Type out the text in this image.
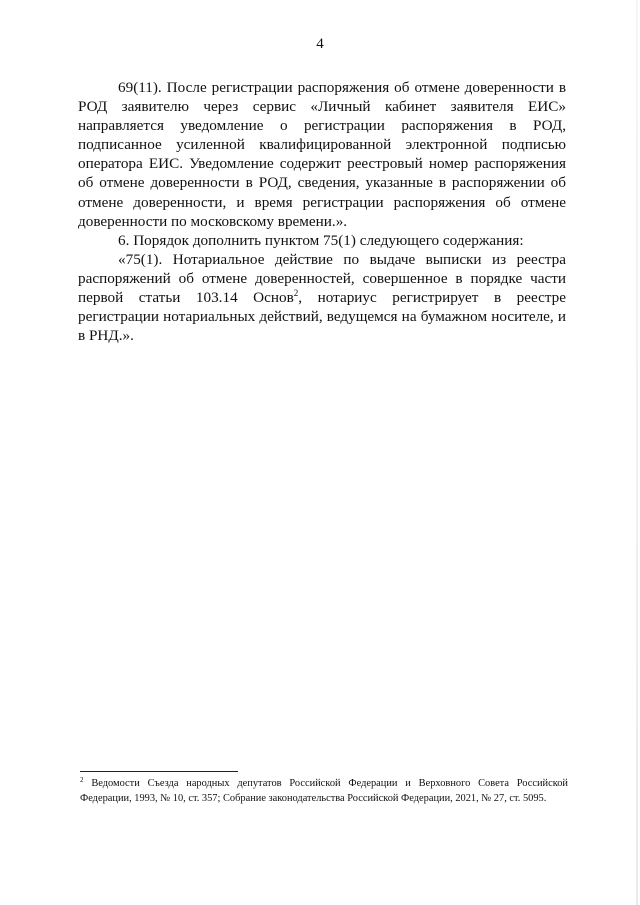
4

69(11). После регистрации распоряжения об отмене доверенности в РОД заявителю через сервис «Личный кабинет заявителя ЕИС» направляется уведомление о регистрации распоряжения в РОД, подписанное усиленной квалифицированной электронной подписью оператора ЕИС. Уведомление содержит реестровый номер распоряжения об отмене доверенности в РОД, сведения, указанные в распоряжении об отмене доверенности, и время регистрации распоряжения об отмене доверенности по московскому времени.».

6. Порядок дополнить пунктом 75(1) следующего содержания:

«75(1). Нотариальное действие по выдаче выписки из реестра распоряжений об отмене доверенностей, совершенное в порядке части первой статьи 103.14 Основ$^2$, нотариус регистрирует в реестре регистрации нотариальных действий, ведущемся на бумажном носителе, и в РНД.».

$^2$ Ведомости Съезда народных депутатов Российской Федерации и Верховного Совета Российской Федерации, 1993, № 10, ст. 357; Собрание законодательства Российской Федерации, 2021, № 27, ст. 5095.
